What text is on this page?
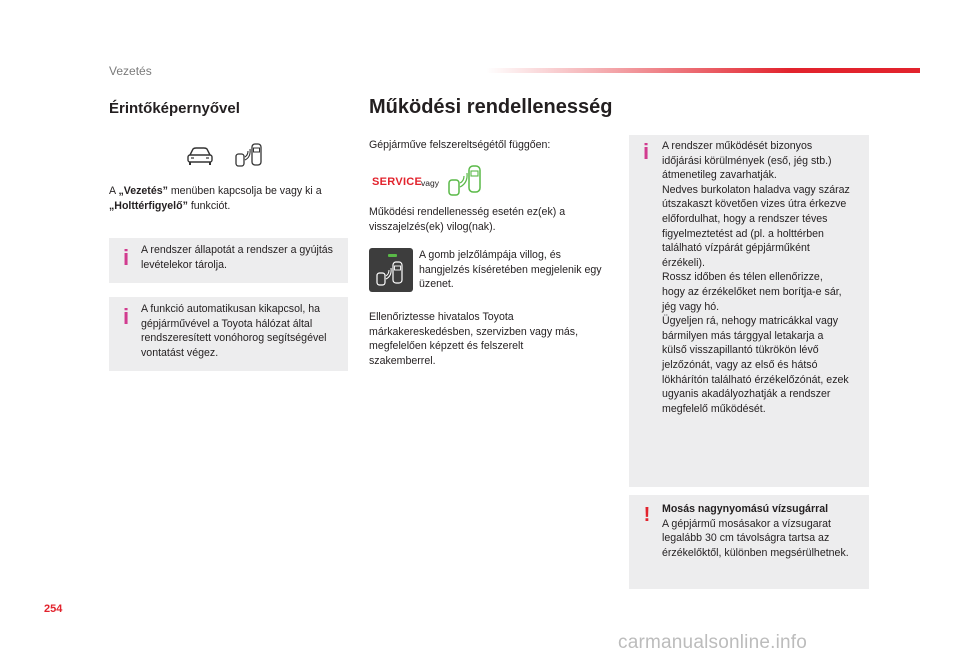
Vezetés
Érintőképernyővel
A „Vezetés” menüben kapcsolja be vagy ki a „Holttérfigyelő” funkciót.
i	A rendszer állapotát a rendszer a gyújtás levételekor tárolja.
i	A funkció automatikusan kikapcsol, ha gépjárművével a Toyota hálózat által rendszeresített vonóhorog segítségével vontatást végez.
Működési rendellenesség
Gépjárműve felszereltségétől függően:
SERVICE
vagy
Működési rendellenesség esetén ez(ek) a visszajelzés(ek) vilog(nak).
A gomb jelzőlámpája villog, és hangjelzés kíséretében megjelenik egy üzenet.
Ellenőriztesse hivatalos Toyota márkakereskedésben, szervizben vagy más, megfelelően képzett és felszerelt szakemberrel.
i	A rendszer működését bizonyos
időjárási körülmények (eső, jég stb.)
átmenetileg zavarhatják.
Nedves burkolaton haladva vagy száraz
útszakaszt követően vizes útra érkezve
előfordulhat, hogy a rendszer téves
figyelmeztetést ad (pl. a holttérben
található vízpárát gépjárműként
érzékeli).
Rossz időben és télen ellenőrizze,
hogy az érzékelőket nem borítja-e sár,
jég vagy hó.
Ügyeljen rá, nehogy matricákkal vagy
bármilyen más tárggyal letakarja a
külső visszapillantó tükrökön lévő
jelzőzónát, vagy az első és hátsó
lökhárítón található érzékelőzónát, ezek
ugyanis akadályozhatják a rendszer
megfelelő működését.
! Mosás nagynyomású vízsugárral
A gépjármű mosásakor a vízsugarat legalább 30 cm távolságra tartsa az érzékelőktől, különben megsérülhetnek.
254
carmanualsonline.info
